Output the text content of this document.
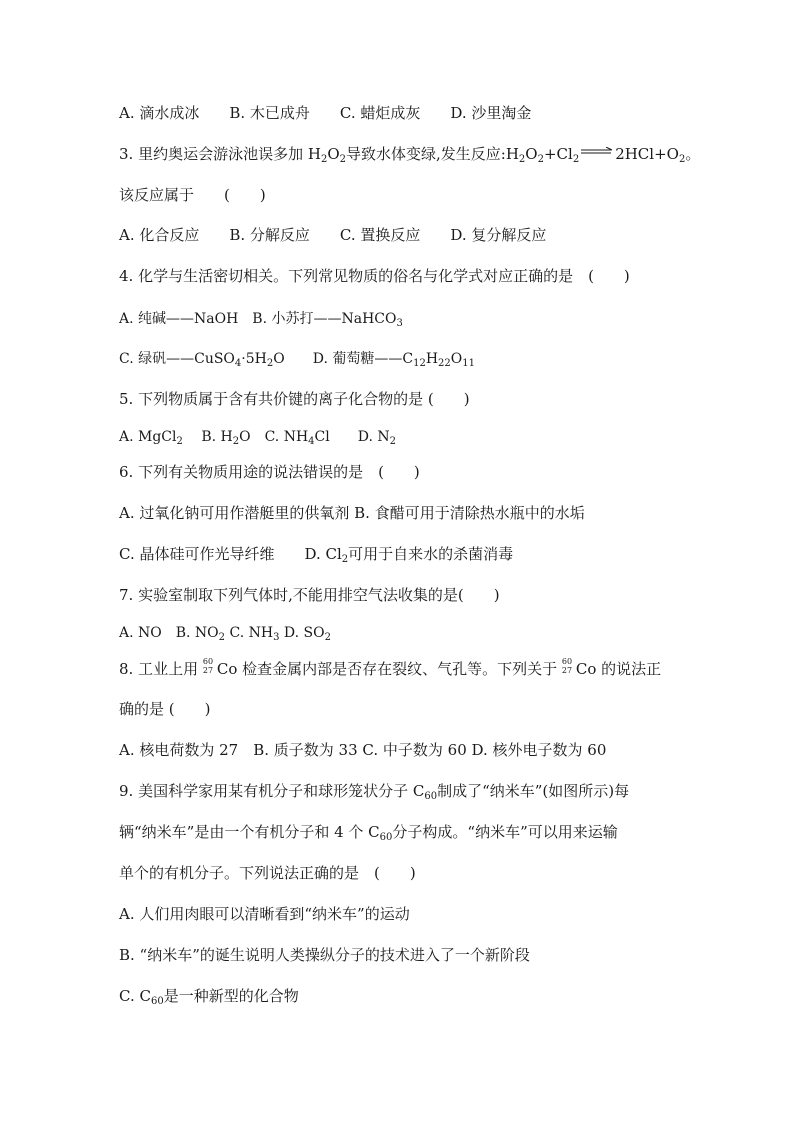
A. 滴水成冰　　B. 木已成舟　　C. 蜡炬成灰　　D. 沙里淘金
3. 里约奥运会游泳池误多加 $H_2O_2$导致水体变绿,发生反应$:H_2O_2+Cl_2$ $2HCl+O_2$。
该反应属于　　(　　)
A. 化合反应　　B. 分解反应　　C. 置换反应　　D. 复分解反应
4. 化学与生活密切相关。下列常见物质的俗名与化学式对应正确的是　(　　)
A. 纯碱——NaOH　B. 小苏打——NaHCO$_3$
C. 绿矾$——CuSO_4\cdot 5H_2O$　　D. 葡萄糖$——C_{12}H_{22}O_{11}$
5. 下列物质属于含有共价键的离子化合物的是 (　　)
A. MgCl$_2$　 B. $H_2O$　C. $NH_4Cl$　　D. $N_2$
6. 下列有关物质用途的说法错误的是　(　　)
A. 过氧化钠可用作潜艇里的供氧剂 B. 食醋可用于清除热水瓶中的水垢
C. 晶体硅可作光导纤维　　D. $Cl_2$可用于自来水的杀菌消毒
7. 实验室制取下列气体时,不能用排空气法收集的是(　　)
A. NO　B. $NO_2$ C. $NH_3$ D. $SO_2$
8. 工业上用 60
27 Co 检查金属内部是否存在裂纹、气孔等。下列关于 60
27 Co 的说法正
确的是 (　　)
A. 核电荷数为 27　B. 质子数为 33 C. 中子数为 60 D. 核外电子数为 60
9. 美国科学家用某有机分子和球形笼状分子 $C_{60}$制成了“纳米车”(如图所示)每
辆“纳米车”是由一个有机分子和 4 个 $C_{60}$分子构成。“纳米车”可以用来运输
单个的有机分子。下列说法正确的是　(　　)
A. 人们用肉眼可以清晰看到“纳米车”的运动
B. “纳米车”的诞生说明人类操纵分子的技术进入了一个新阶段
C. $C_{60}$是一种新型的化合物
